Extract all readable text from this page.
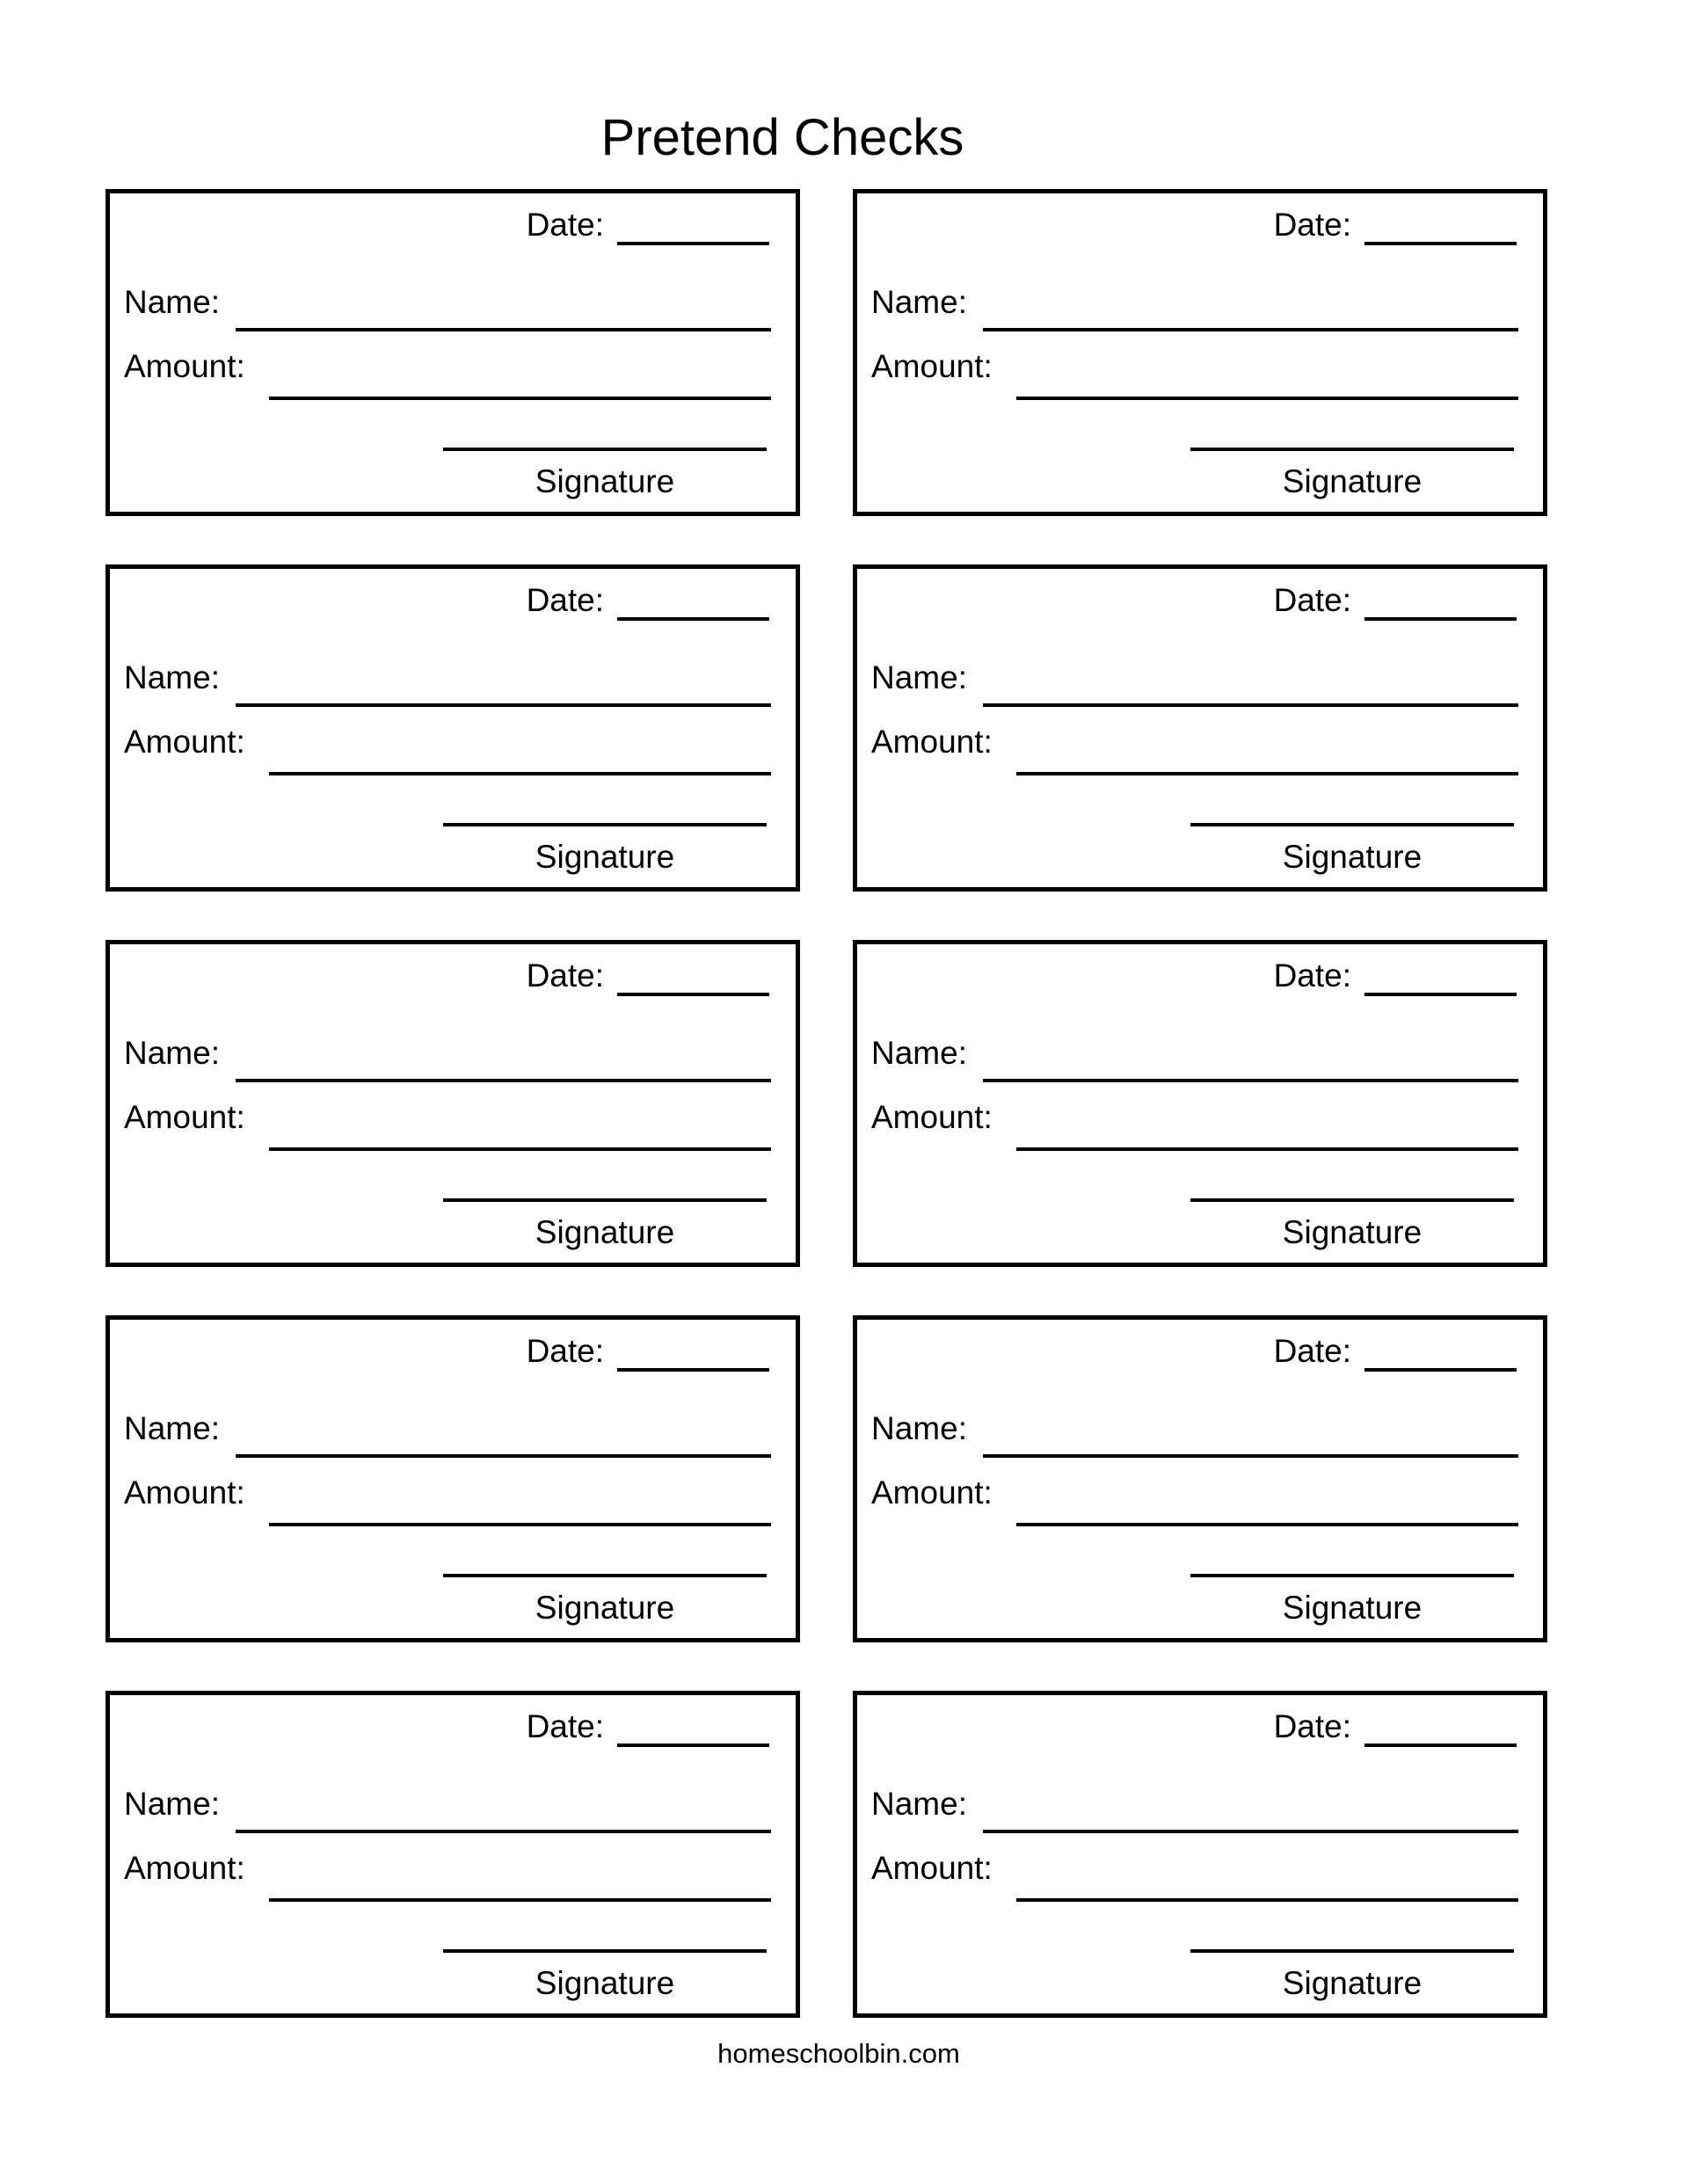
Pretend Checks
Date:
Name:
Amount:
Signature
Date:
Name:
Amount:
Signature
Date:
Name:
Amount:
Signature
Date:
Name:
Amount:
Signature
Date:
Name:
Amount:
Signature
Date:
Name:
Amount:
Signature
Date:
Name:
Amount:
Signature
Date:
Name:
Amount:
Signature
Date:
Name:
Amount:
Signature
Date:
Name:
Amount:
Signature
homeschoolbin.com
